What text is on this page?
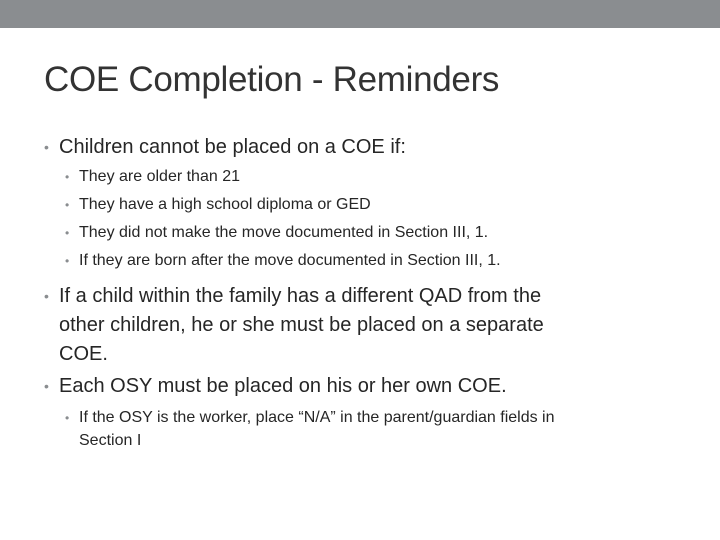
COE Completion - Reminders
• Children cannot be placed on a COE if:
• They are older than 21
• They have a high school diploma or GED
• They did not make the move documented in Section III, 1.
• If they are born after the move documented in Section III, 1.
• If a child within the family has a different QAD from the
other children, he or she must be placed on a separate
COE.
• Each OSY must be placed on his or her own COE.
• If the OSY is the worker, place “N/A” in the parent/guardian fields in
Section I
